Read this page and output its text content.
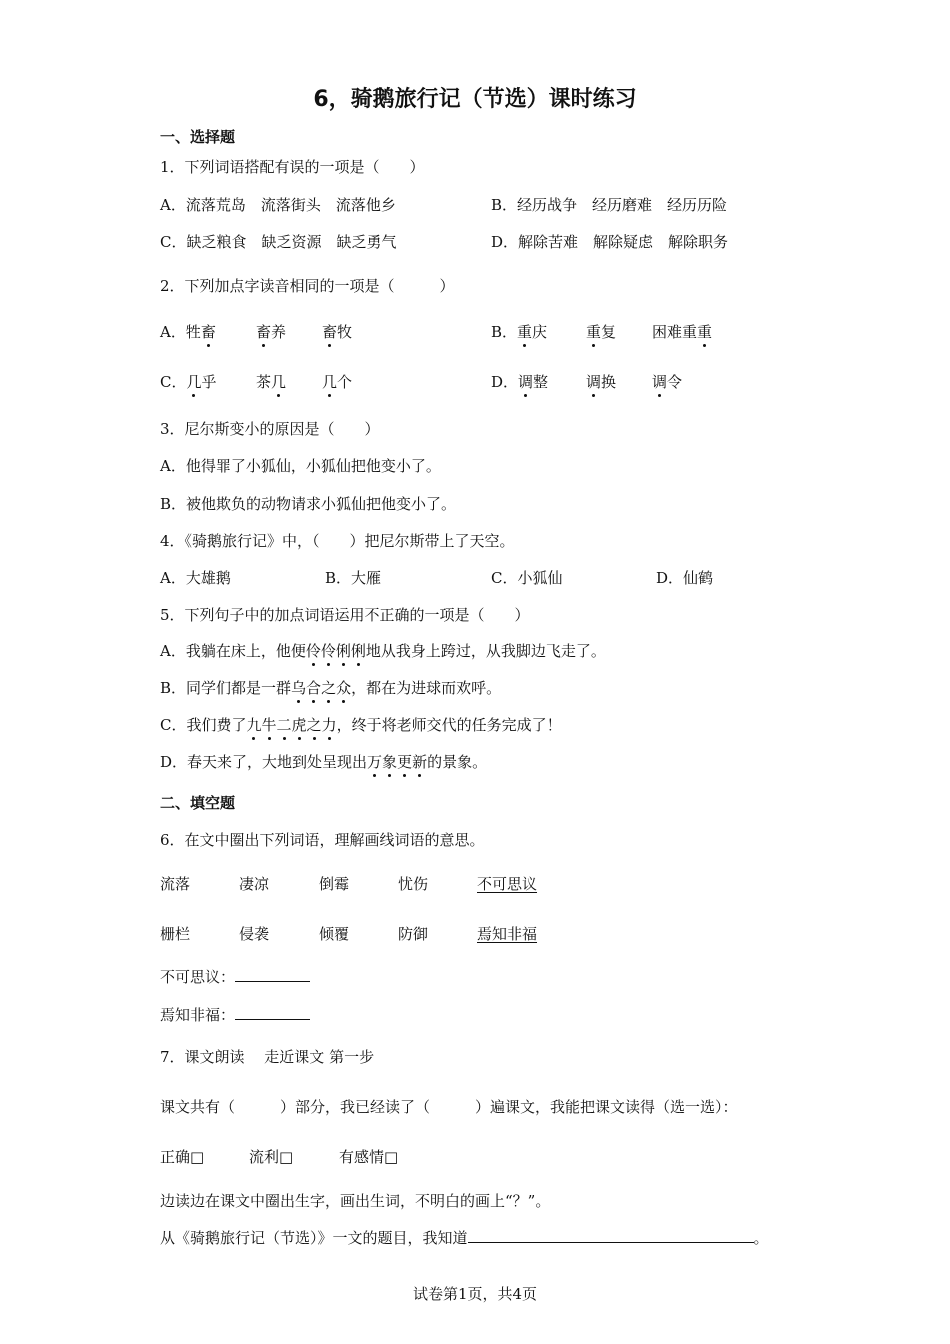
6，骑鹅旅行记（节选）课时练习
一、选择题
1．下列词语搭配有误的一项是（　　）
A．流落荒岛　流落街头　流落他乡	B．经历战争　经历磨难　经历历险
C．缺乏粮食　缺乏资源　缺乏勇气	D．解除苦难　解除疑虑　解除职务
2．下列加点字读音相同的一项是（　　　）
A．牲畜	畜养 畜牧	B．重庆	重复 困难重重
C．几乎	茶几 几个	D．调整	调换 调令
3．尼尔斯变小的原因是（　　）
A．他得罪了小狐仙，小狐仙把他变小了。
B．被他欺负的动物请求小狐仙把他变小了。
4．《骑鹅旅行记》中，（　　）把尼尔斯带上了天空。
A．大雄鹅	B．大雁	C．小狐仙	D．仙鹤
5．下列句子中的加点词语运用不正确的一项是（　　）
A．我躺在床上，他便伶伶俐俐地从我身上跨过，从我脚边飞走了。
B．同学们都是一群乌合之众，都在为进球而欢呼。
C．我们费了九牛二虎之力，终于将老师交代的任务完成了！
D．春天来了，大地到处呈现出万象更新的景象。
二、填空题
6．在文中圈出下列词语，理解画线词语的意思。
流落	凄凉	倒霉	忧伤	不可思议
栅栏	侵袭	倾覆	防御	焉知非福
不可思议：
焉知非福：
7．课文朗读　 走近课文 第一步
课文共有（　　　）部分，我已经读了（　　　）遍课文，我能把课文读得（选一选）：
正确□	流利□	有感情□
边读边在课文中圈出生字，画出生词，不明白的画上“？”。
从《骑鹅旅行记（节选）》一文的题目，我知道	。
试卷第1页，共4页
